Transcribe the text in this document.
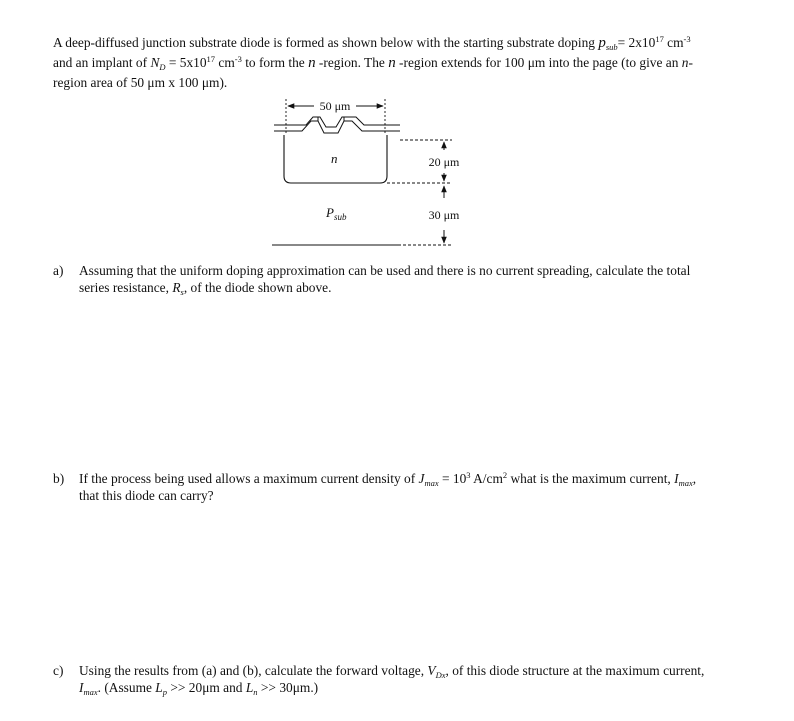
A deep-diffused junction substrate diode is formed as shown below with the starting substrate doping $p_{sub}= 2x10^{17}$ $cm^{-3}$
and an implant of $N_D = 5x10^{17}$ $cm^{-3}$ to form the n -region. The n -region extends for 100 μm into the page (to give an n-
region area of 50 μm x 100 μm).
50 μm
n	20 μm
30 μm
$P_{sub}$
a) Assuming that the uniform doping approximation can be used and there is no current spreading, calculate the total
series resistance, $R_s$, of the diode shown above.
b) If the process being used allows a maximum current density of $J_{max} = 10^3$ $A/cm^2$ what is the maximum current, $I_{max}$,
that this diode can carry?
c) Using the results from (a) and (b), calculate the forward voltage, $V_{Dx}$, of this diode structure at the maximum current,
$I_{max}$. (Assume $L_p >> 20\mu m$ and $L_n >> 30\mu m$.)
